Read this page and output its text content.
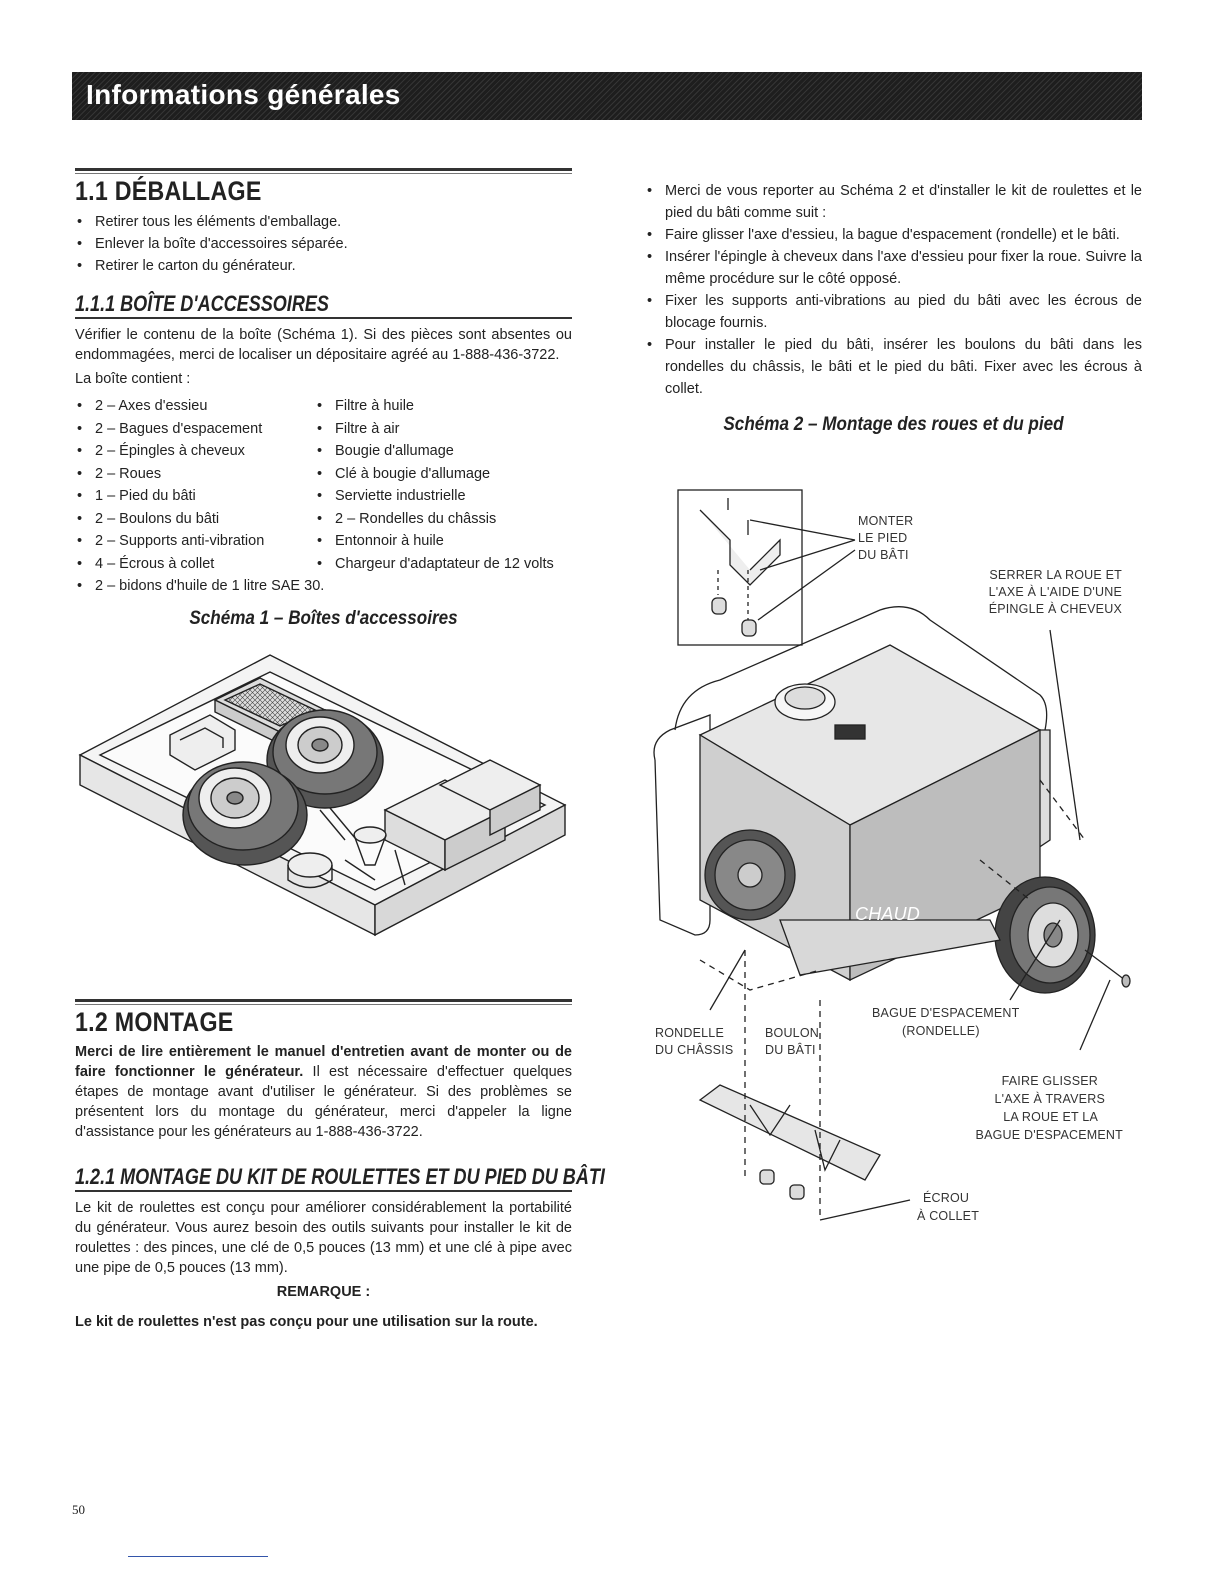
Informations générales
1.1 DÉBALLAGE
• Retirer tous les éléments d'emballage.
• Enlever la boîte d'accessoires séparée.
• Retirer le carton du générateur.
1.1.1 BOÎTE D'ACCESSOIRES

Vérifier le contenu de la boîte (Schéma 1). Si des pièces sont absentes ou endommagées, merci de localiser un dépositaire agréé au 1-888-436-3722.

La boîte contient :

• 2 – Axes d'essieu
• 2 – Bagues d'espacement
• 2 – Épingles à cheveux
• 2 – Roues
• 1 – Pied du bâti
• 2 – Boulons du bâti
• 2 – Supports anti-vibration
• 4 – Écrous à collet
• 2 – bidons d'huile de 1 litre SAE 30.
• Filtre à huile
• Filtre à air
• Bougie d'allumage
• Clé à bougie d'allumage
• Serviette industrielle
• 2 – Rondelles du châssis
• Entonnoir à huile
• Chargeur d'adaptateur de 12 volts
Schéma 1 – Boîtes d'accessoires
1.2 MONTAGE

Merci de lire entièrement le manuel d'entretien avant de monter ou de faire fonctionner le générateur. Il est nécessaire d'effectuer quelques étapes de montage avant d'utiliser le générateur. Si des problèmes se présentent lors du montage du générateur, merci d'appeler la ligne d'assistance pour les générateurs au 1-888-436-3722.

1.2.1 MONTAGE DU KIT DE ROULETTES ET DU PIED DU BÂTI

Le kit de roulettes est conçu pour améliorer considérablement la portabilité du générateur. Vous aurez besoin des outils suivants pour installer le kit de roulettes : des pinces, une clé de 0,5 pouces (13 mm) et une clé à pipe avec une pipe de 0,5 pouces (13 mm).

REMARQUE :

Le kit de roulettes n'est pas conçu pour une utilisation sur la route.

• Merci de vous reporter au Schéma 2 et d'installer le kit de roulettes et le pied du bâti comme suit :
• Faire glisser l'axe d'essieu, la bague d'espacement (rondelle) et le bâti.
• Insérer l'épingle à cheveux dans l'axe d'essieu pour fixer la roue. Suivre la même procédure sur le côté opposé.
• Fixer les supports anti-vibrations au pied du bâti avec les écrous de blocage fournis.
• Pour installer le pied du bâti, insérer les boulons du bâti dans les rondelles du châssis, le bâti et le pied du bâti. Fixer avec les écrous à collet.
Schéma 2 – Montage des roues et du pied
MONTER
LE PIED
DU BÂTI
SERRER LA ROUE ET
L'AXE À L'AIDE D'UNE
ÉPINGLE À CHEVEUX
CHAUD
BAGUE D'ESPACEMENT
(RONDELLE)
RONDELLE
DU CHÂSSIS
BOULON
DU BÂTI
FAIRE GLISSER
L'AXE À TRAVERS
LA ROUE ET LA
BAGUE D'ESPACEMENT
ÉCROU
À COLLET
50
